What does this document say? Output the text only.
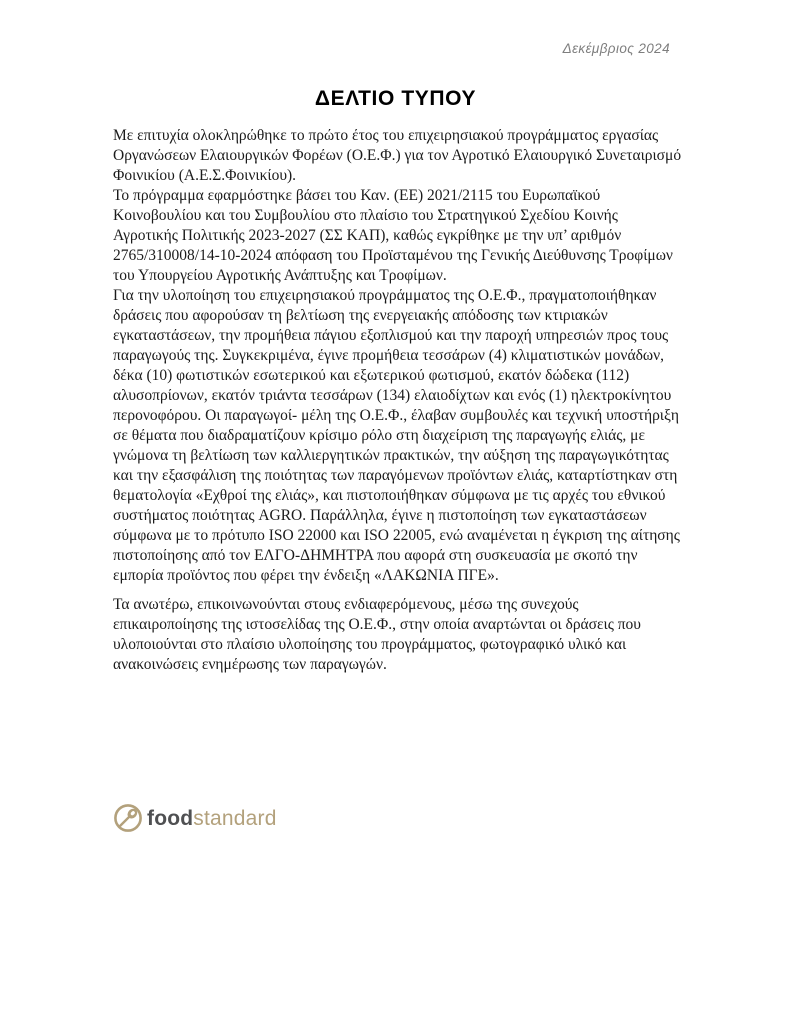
Δεκέμβριος 2024
ΔΕΛΤΙΟ ΤΥΠΟΥ

Με επιτυχία ολοκληρώθηκε το πρώτο έτος του επιχειρησιακού προγράμματος εργασίας Οργανώσεων Ελαιουργικών Φορέων (Ο.Ε.Φ.) για τον Αγροτικό Ελαιουργικό Συνεταιρισμό Φοινικίου (Α.Ε.Σ.Φοινικίου).

Το πρόγραμμα εφαρμόστηκε βάσει του Καν. (ΕΕ) 2021/2115 του Ευρωπαϊκού Κοινοβουλίου και του Συμβουλίου στο πλαίσιο του Στρατηγικού Σχεδίου Κοινής Αγροτικής Πολιτικής 2023-2027 (ΣΣ ΚΑΠ), καθώς εγκρίθηκε με την υπ’ αριθμόν 2765/310008/14-10-2024 απόφαση του Προϊσταμένου της Γενικής Διεύθυνσης Τροφίμων του Υπουργείου Αγροτικής Ανάπτυξης και Τροφίμων.

Για την υλοποίηση του επιχειρησιακού προγράμματος της Ο.Ε.Φ., πραγματοποιήθηκαν δράσεις που αφορούσαν τη βελτίωση της ενεργειακής απόδοσης των κτιριακών εγκαταστάσεων, την προμήθεια πάγιου εξοπλισμού και την παροχή υπηρεσιών προς τους παραγωγούς της. Συγκεκριμένα, έγινε προμήθεια τεσσάρων (4) κλιματιστικών μονάδων, δέκα (10) φωτιστικών εσωτερικού και εξωτερικού φωτισμού, εκατόν δώδεκα (112) αλυσοπρίονων, εκατόν τριάντα τεσσάρων (134) ελαιοδίχτων και ενός (1) ηλεκτροκίνητου περονοφόρου. Οι παραγωγοί- μέλη της Ο.Ε.Φ., έλαβαν συμβουλές και τεχνική υποστήριξη σε θέματα που διαδραματίζουν κρίσιμο ρόλο στη διαχείριση της παραγωγής ελιάς, με γνώμονα τη βελτίωση των καλλιεργητικών πρακτικών, την αύξηση της παραγωγικότητας και την εξασφάλιση της ποιότητας των παραγόμενων προϊόντων ελιάς, καταρτίστηκαν στη θεματολογία «Εχθροί της ελιάς», και πιστοποιήθηκαν σύμφωνα με τις αρχές του εθνικού συστήματος ποιότητας AGRO. Παράλληλα, έγινε η πιστοποίηση των εγκαταστάσεων σύμφωνα με το πρότυπο ISO 22000 και ISO 22005, ενώ αναμένεται η έγκριση της αίτησης πιστοποίησης από τον ΕΛΓΟ-ΔΗΜΗΤΡΑ που αφορά στη συσκευασία με σκοπό την εμπορία προϊόντος που φέρει την ένδειξη «ΛΑΚΩΝΙΑ ΠΓΕ».

Τα ανωτέρω, επικοινωνούνται στους ενδιαφερόμενους, μέσω της συνεχούς επικαιροποίησης της ιστοσελίδας της Ο.Ε.Φ., στην οποία αναρτώνται οι δράσεις που υλοποιούνται στο πλαίσιο υλοποίησης του προγράμματος, φωτογραφικό υλικό και ανακοινώσεις ενημέρωσης των παραγωγών.

foodstandard
